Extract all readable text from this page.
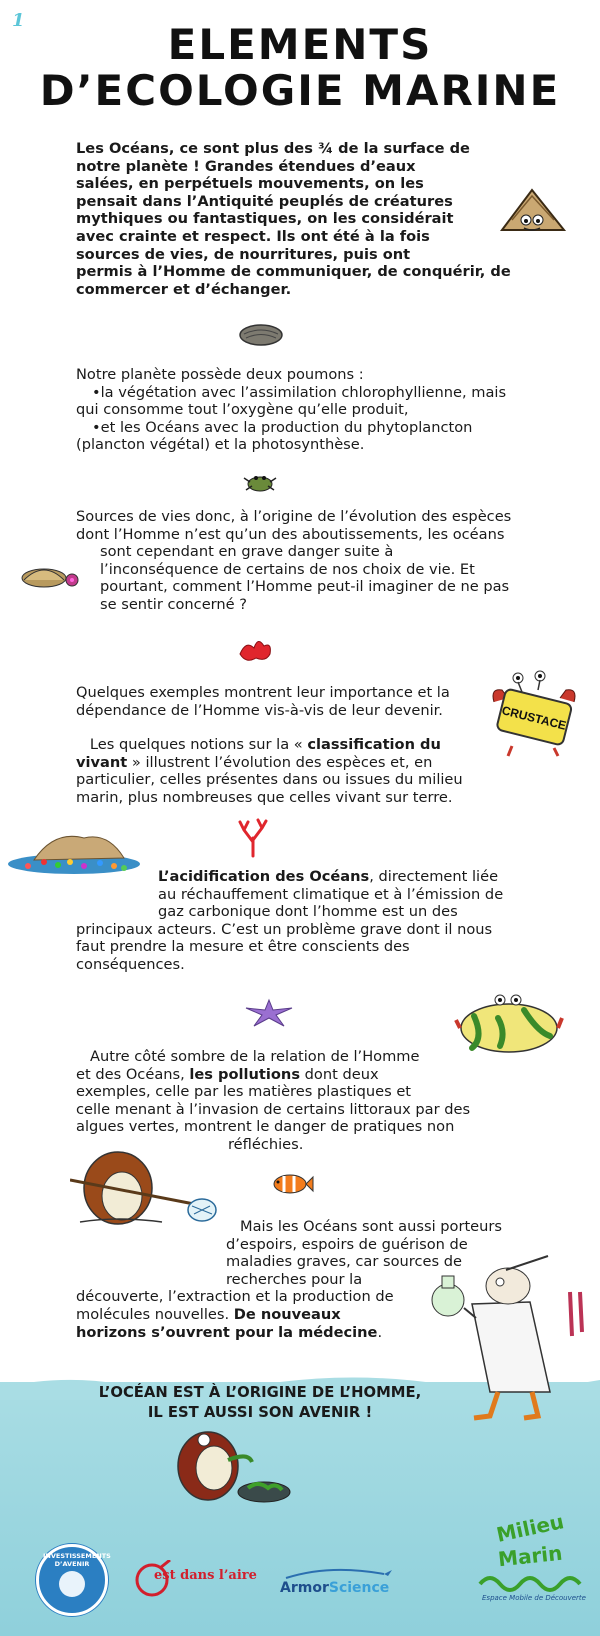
1	ELEMENTS
D’ECOLOGIE MARINE

Les Océans, ce sont plus des ¾ de la surface de

notre planète ! Grandes étendues d’eaux

salées, en perpétuels mouvements, on les

pensait dans l’Antiquité peuplés de créatures

mythiques ou fantastiques, on les considérait

avec crainte et respect. Ils ont été à la fois

sources de vies, de nourritures, puis ont

permis à l’Homme de communiquer, de conquérir, de

commercer et d’échanger.

Notre planète possède deux poumons :

•la végétation avec l’assimilation chlorophyllienne, mais

qui consomme tout l’oxygène qu’elle produit,

•et les Océans avec la production du phytoplancton

(plancton végétal) et la photosynthèse.

Sources de vies donc, à l’origine de l’évolution des espèces

dont l’Homme n’est qu’un des aboutissements, les océans

sont cependant en grave danger suite à

l’inconséquence de certains de nos choix de vie. Et

pourtant, comment l’Homme peut-il imaginer de ne pas

se sentir concerné ?

Quelques exemples montrent leur importance et la

dépendance de l’Homme vis-à-vis de leur devenir.

Les quelques notions sur la « classification du

vivant » illustrent l’évolution des espèces et, en

particulier, celles présentes dans ou issues du milieu

marin, plus nombreuses que celles vivant sur terre.

CRUSTACE

L’acidification des Océans, directement liée

au réchauffement climatique et à l’émission de

gaz carbonique dont l’homme est un des

principaux acteurs. C’est un problème grave dont il nous

faut prendre la mesure et être conscients des

conséquences.

Autre côté sombre de la relation de l’Homme

et des Océans, les pollutions dont deux

exemples, celle par les matières plastiques et

celle menant à l’invasion de certains littoraux par des

algues vertes, montrent le danger de pratiques non

réfléchies.

Mais les Océans sont aussi porteurs

d’espoirs, espoirs de guérison de

maladies graves, car sources de

recherches pour la

découverte, l’extraction et la production de

molécules nouvelles. De nouveaux

horizons s’ouvrent pour la médecine.

L’OCÉAN EST À L’ORIGINE DE L’HOMME,

IL EST AUSSI SON AVENIR !

INVESTISSEMENTS D’AVENIR
est dans l’aire
ArmorScience
Milieu
Marin
Espace Mobile de Découverte
